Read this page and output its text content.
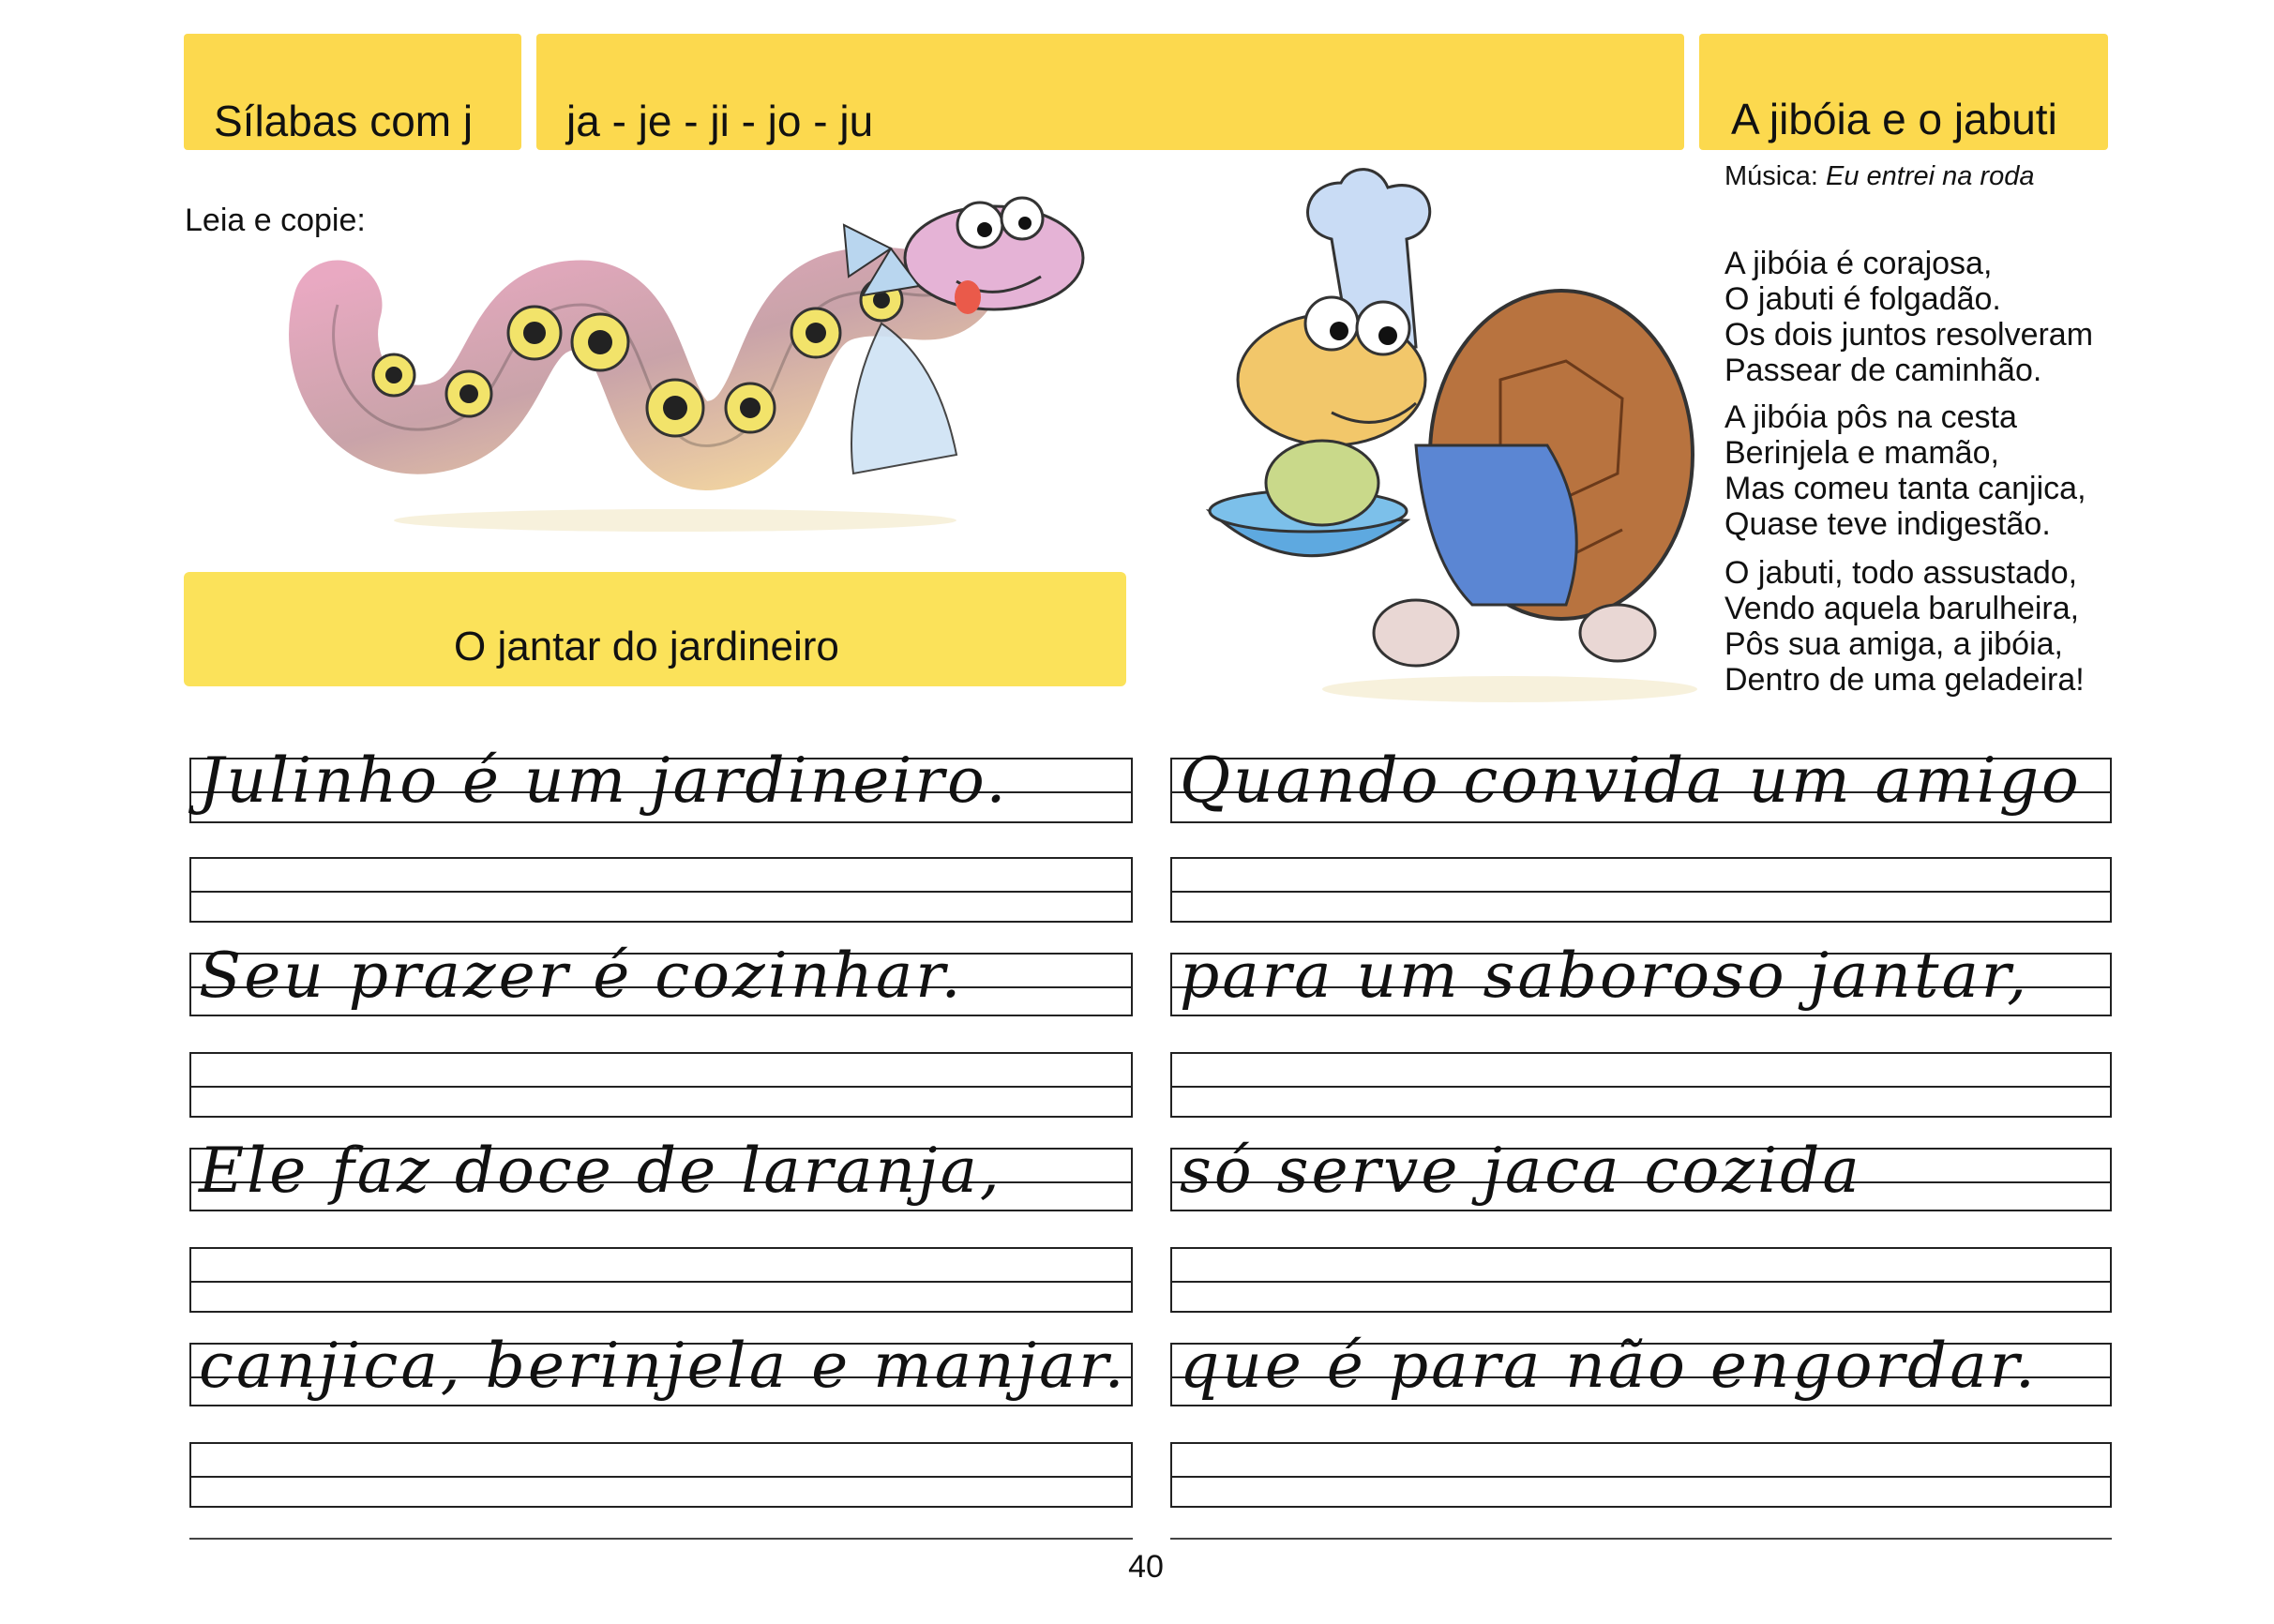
Sílabas com j ja - je - ji - jo - ju	A jibóia e o jabuti
Leia e copie:
Música: Eu entrei na roda
A jibóia é corajosa,
O jabuti é folgadão.
Os dois juntos resolveram
Passear de caminhão.
A jibóia pôs na cesta
Berinjela e mamão,
Mas comeu tanta canjica,
Quase teve indigestão.
O jabuti, todo assustado,
Vendo aquela barulheira,
Pôs sua amiga, a jibóia,
Dentro de uma geladeira!
O jantar do jardineiro
Julinho é um jardineiro.
Seu prazer é cozinhar.
Ele faz doce de laranja,
canjica, berinjela e manjar.
Quando convida um amigo
para um saboroso jantar,
só serve jaca cozida
que é para não engordar.
40
